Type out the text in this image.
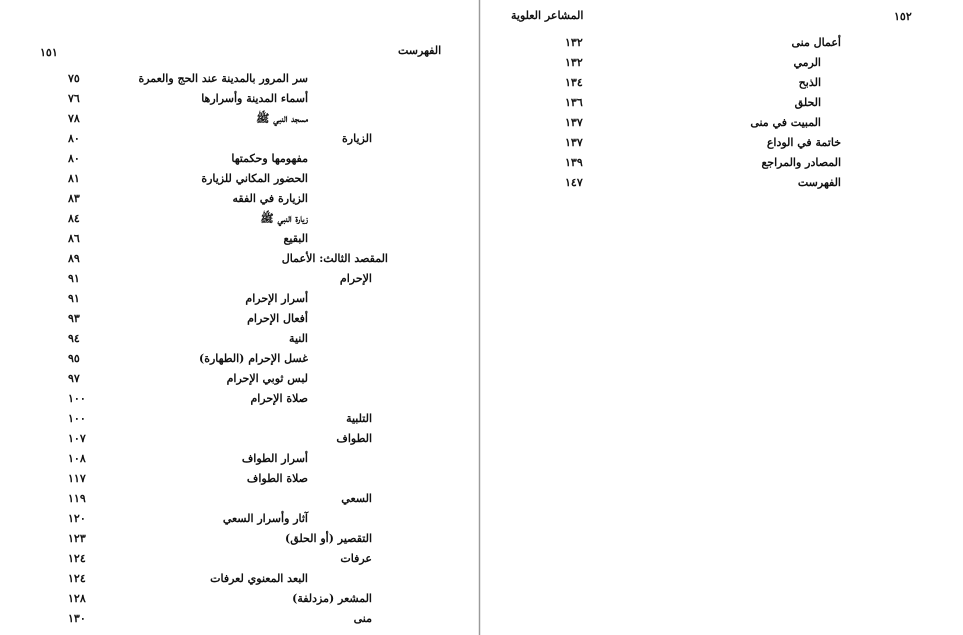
الفهرست
١٥١
سر المرور بالمدينة عند الحج والعمرة
٧٥
أسماء المدينة وأسرارها
٧٦
مسجد النبي ﷺ
٧٨
الزيارة
٨٠
مفهومها وحكمتها
٨٠
الحضور المكاني للزيارة
٨١
الزيارة في الفقه
٨٣
زيارة النبي ﷺ
٨٤
البقيع
٨٦
المقصد الثالث: الأعمال
٨٩
الإحرام
٩١
أسرار الإحرام
٩١
أفعال الإحرام
٩٣
النية
٩٤
غسل الإحرام (الطهارة)
٩٥
لبس ثوبي الإحرام
٩٧
صلاة الإحرام
١٠٠
التلبية
١٠٠
الطواف
١٠٧
أسرار الطواف
١٠٨
صلاة الطواف
١١٧
السعي
١١٩
آثار وأسرار السعي
١٢٠
التقصير (أو الحلق)
١٢٣
عرفات
١٢٤
البعد المعنوي لعرفات
١٢٤
المشعر (مزدلفة)
١٢٨
منى
١٣٠
المشاعر العلوية	١٥٢
أعمال منى
١٣٢
الرمي
١٣٢
الذبح
١٣٤
الحلق
١٣٦
المبيت في منى
١٣٧
خاتمة في الوداع
١٣٧
المصادر والمراجع
١٣٩
الفهرست
١٤٧
